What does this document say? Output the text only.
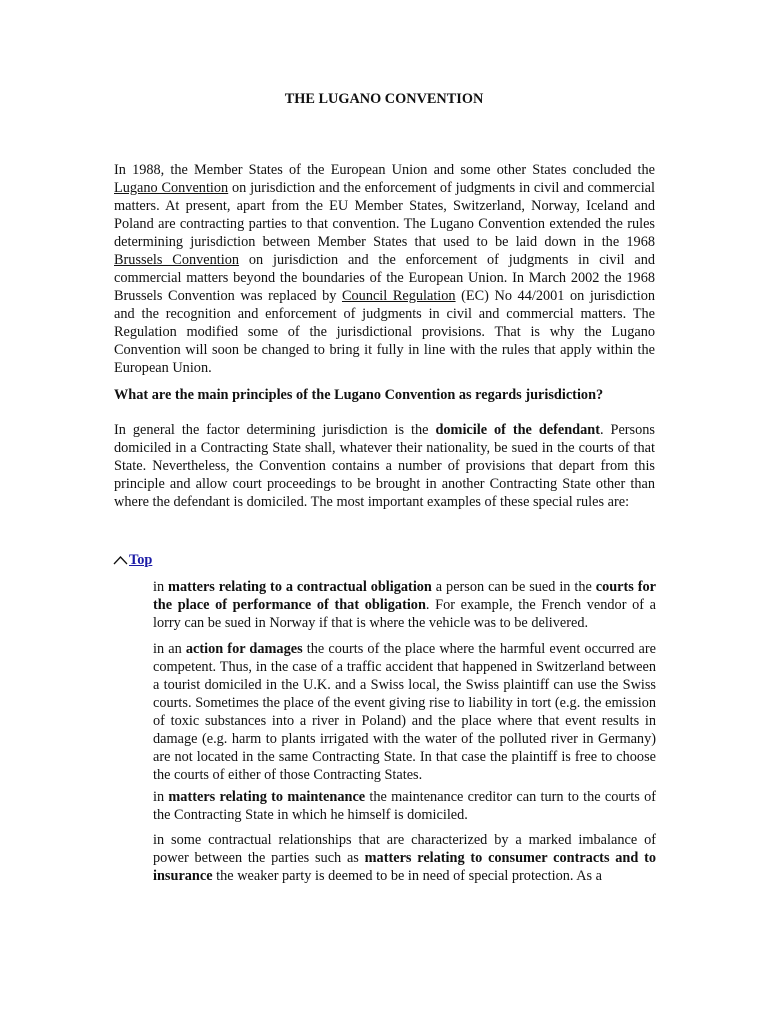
THE LUGANO CONVENTION

In 1988, the Member States of the European Union and some other States concluded the Lugano Convention on jurisdiction and the enforcement of judgments in civil and commercial matters. At present, apart from the EU Member States, Switzerland, Norway, Iceland and Poland are contracting parties to that convention. The Lugano Convention extended the rules determining jurisdiction between Member States that used to be laid down in the 1968 Brussels Convention on jurisdiction and the enforcement of judgments in civil and commercial matters beyond the boundaries of the European Union. In March 2002 the 1968 Brussels Convention was replaced by Council Regulation (EC) No 44/2001 on jurisdiction and the recognition and enforcement of judgments in civil and commercial matters. The Regulation modified some of the jurisdictional provisions. That is why the Lugano Convention will soon be changed to bring it fully in line with the rules that apply within the European Union.

What are the main principles of the Lugano Convention as regards jurisdiction?

In general the factor determining jurisdiction is the domicile of the defendant. Persons domiciled in a Contracting State shall, whatever their nationality, be sued in the courts of that State. Nevertheless, the Convention contains a number of provisions that depart from this principle and allow court proceedings to be brought in another Contracting State other than where the defendant is domiciled. The most important examples of these special rules are:

Top

in matters relating to a contractual obligation a person can be sued in the courts for the place of performance of that obligation. For example, the French vendor of a lorry can be sued in Norway if that is where the vehicle was to be delivered.

in an action for damages the courts of the place where the harmful event occurred are competent. Thus, in the case of a traffic accident that happened in Switzerland between a tourist domiciled in the U.K. and a Swiss local, the Swiss plaintiff can use the Swiss courts. Sometimes the place of the event giving rise to liability in tort (e.g. the emission of toxic substances into a river in Poland) and the place where that event results in damage (e.g. harm to plants irrigated with the water of the polluted river in Germany) are not located in the same Contracting State. In that case the plaintiff is free to choose the courts of either of those Contracting States.

in matters relating to maintenance the maintenance creditor can turn to the courts of the Contracting State in which he himself is domiciled.

in some contractual relationships that are characterized by a marked imbalance of power between the parties such as matters relating to consumer contracts and to insurance the weaker party is deemed to be in need of special protection. As a
